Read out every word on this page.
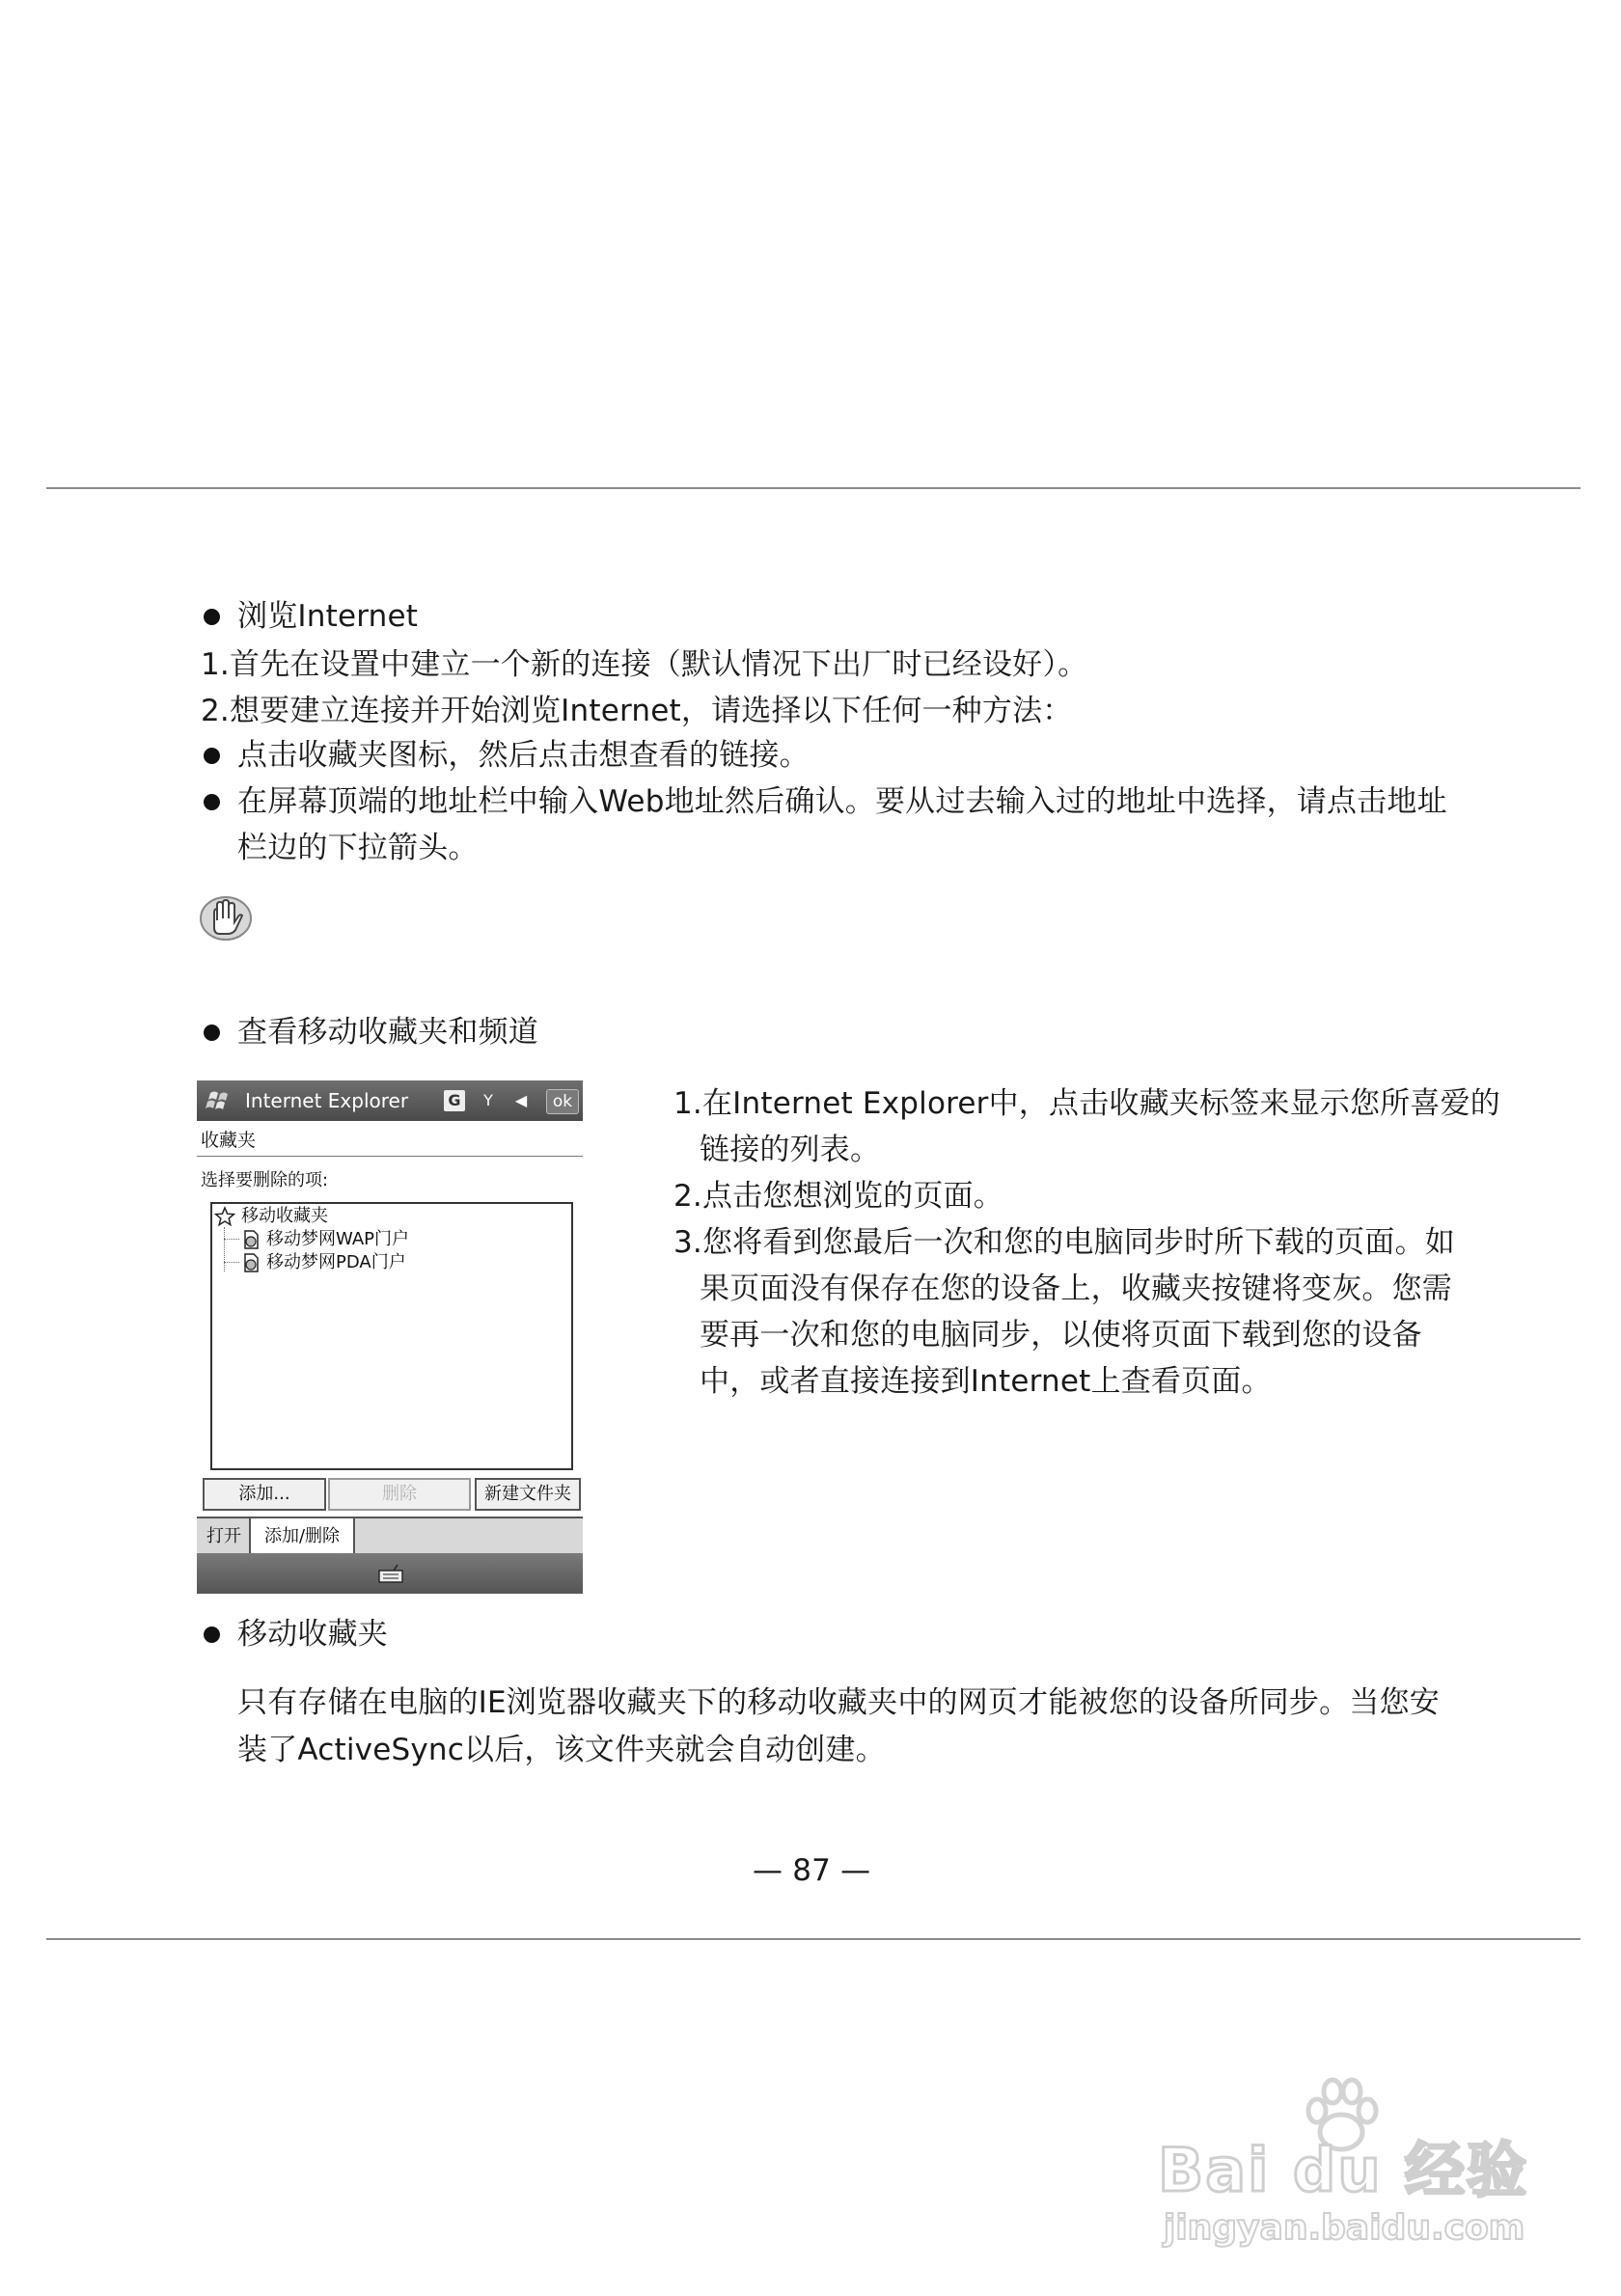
浏览Internet
1.首先在设置中建立一个新的连接（默认情况下出厂时已经设好）。
2.想要建立连接并开始浏览Internet，请选择以下任何一种方法：
点击收藏夹图标，然后点击想查看的链接。
在屏幕顶端的地址栏中输入Web地址然后确认。要从过去输入过的地址中选择，请点击地址
栏边的下拉箭头。
查看移动收藏夹和频道
Internet Explorer	G	Y	◀	ok
收藏夹
选择要删除的项:
移动收藏夹
移动梦网WAP门户
移动梦网PDA门户
添加...	删除	新建文件夹
打开	添加/删除
1.在Internet Explorer中，点击收藏夹标签来显示您所喜爱的
链接的列表。
2.点击您想浏览的页面。
3.您将看到您最后一次和您的电脑同步时所下载的页面。如
果页面没有保存在您的设备上，收藏夹按键将变灰。您需
要再一次和您的电脑同步，以使将页面下载到您的设备
中，或者直接连接到Internet上查看页面。
移动收藏夹
只有存储在电脑的IE浏览器收藏夹下的移动收藏夹中的网页才能被您的设备所同步。当您安
装了ActiveSync以后，该文件夹就会自动创建。
— 87 —
Bai du 经验
jingyan.baidu.com
